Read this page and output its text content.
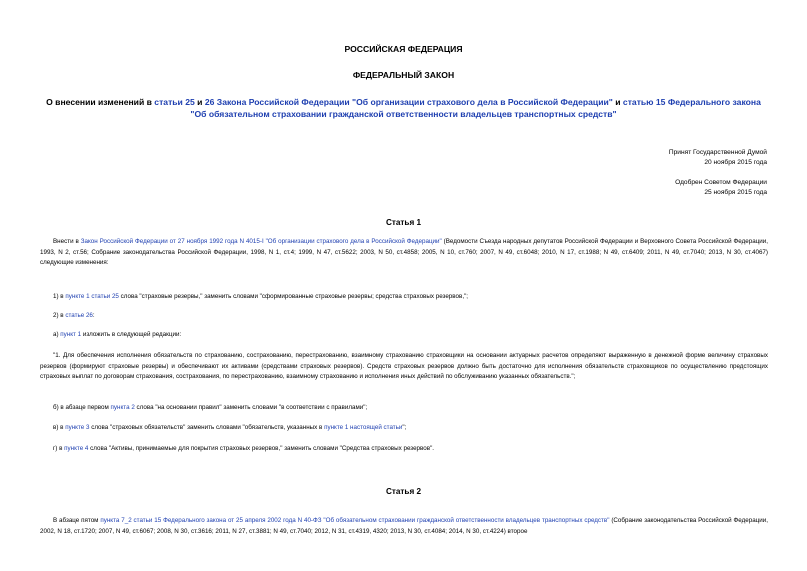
РОССИЙСКАЯ ФЕДЕРАЦИЯ
ФЕДЕРАЛЬНЫЙ ЗАКОН
О внесении изменений в статьи 25 и 26 Закона Российской Федерации "Об организации страхового дела в Российской Федерации" и статью 15 Федерального закона "Об обязательном страховании гражданской ответственности владельцев транспортных средств"
Принят Государственной Думой
20 ноября 2015 года
Одобрен Советом Федерации
25 ноября 2015 года
Статья 1
Внести в Закон Российской Федерации от 27 ноября 1992 года N 4015-I "Об организации страхового дела в Российской Федерации" (Ведомости Съезда народных депутатов Российской Федерации и Верховного Совета Российской Федерации, 1993, N 2, ст.56; Собрание законодательства Российской Федерации, 1998, N 1, ст.4; 1999, N 47, ст.5622; 2003, N 50, ст.4858; 2005, N 10, ст.760; 2007, N 49, ст.6048; 2010, N 17, ст.1988; N 49, ст.6409; 2011, N 49, ст.7040; 2013, N 30, ст.4067) следующие изменения:
1) в пункте 1 статьи 25 слова "страховые резервы," заменить словами "сформированные страховые резервы; средства страховых резервов,";
2) в статье 26:
а) пункт 1 изложить в следующей редакции:
"1. Для обеспечения исполнения обязательств по страхованию, сострахованию, перестрахованию, взаимному страхованию страховщики на основании актуарных расчетов определяют выраженную в денежной форме величину страховых резервов (формируют страховые резервы) и обеспечивают их активами (средствами страховых резервов). Средств страховых резервов должно быть достаточно для исполнения обязательств страховщиков по осуществлению предстоящих страховых выплат по договорам страхования, сострахования, по перестрахованию, взаимному страхованию и исполнения иных действий по обслуживанию указанных обязательств.";
б) в абзаце первом пункта 2 слова "на основании правил" заменить словами "в соответствии с правилами";
в) в пункте 3 слова "страховых обязательств" заменить словами "обязательств, указанных в пункте 1 настоящей статьи";
г) в пункте 4 слова "Активы, принимаемые для покрытия страховых резервов," заменить словами "Средства страховых резервов".
Статья 2
В абзаце пятом пункта 7_2 статьи 15 Федерального закона от 25 апреля 2002 года N 40-ФЗ "Об обязательном страховании гражданской ответственности владельцев транспортных средств" (Собрание законодательства Российской Федерации, 2002, N 18, ст.1720; 2007, N 49, ст.6067; 2008, N 30, ст.3616; 2011, N 27, ст.3881; N 49, ст.7040; 2012, N 31, ст.4319, 4320; 2013, N 30, ст.4084; 2014, N 30, ст.4224) второе
